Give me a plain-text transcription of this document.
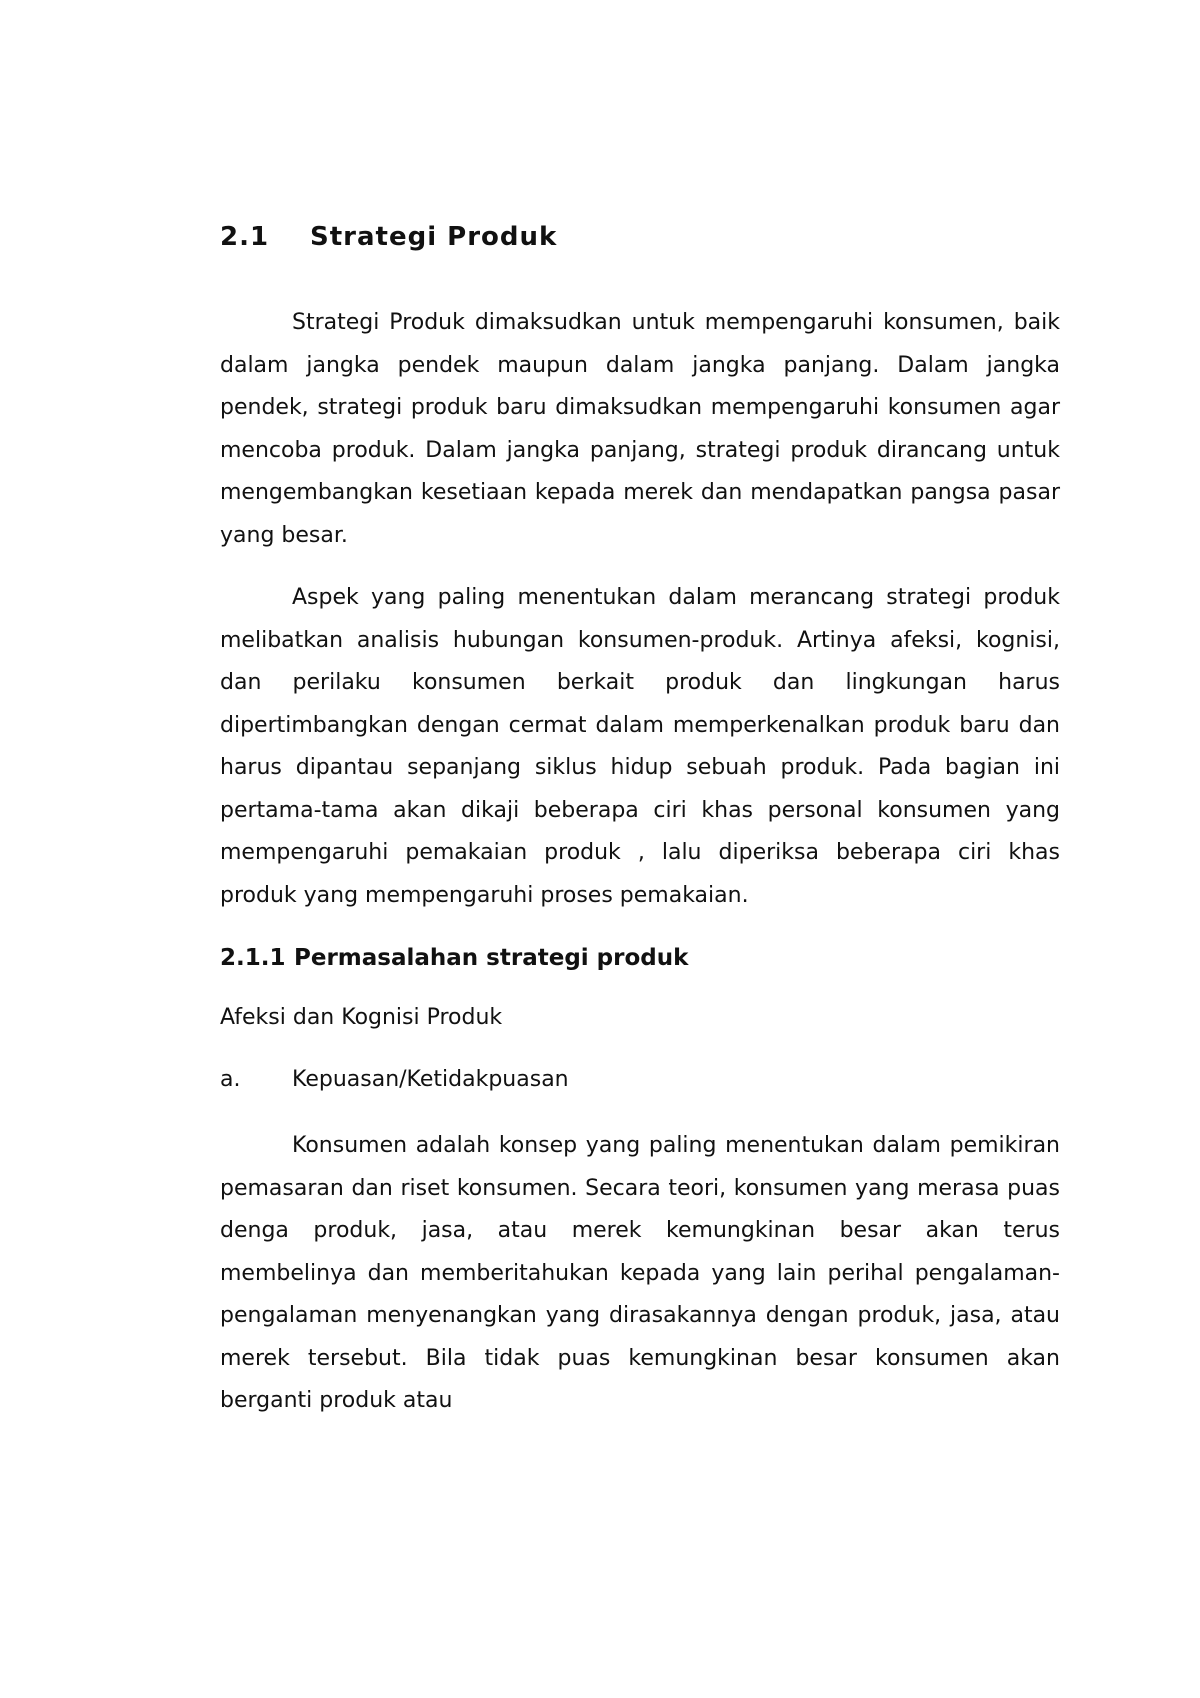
2.1	Strategi Produk

Strategi Produk dimaksudkan untuk mempengaruhi konsumen, baik dalam jangka pendek maupun dalam jangka panjang. Dalam jangka pendek, strategi produk baru dimaksudkan mempengaruhi konsumen agar mencoba produk. Dalam jangka panjang, strategi produk dirancang untuk mengembangkan kesetiaan kepada merek dan mendapatkan pangsa pasar yang besar.

Aspek yang paling menentukan dalam merancang strategi produk melibatkan analisis hubungan konsumen-produk. Artinya afeksi, kognisi, dan perilaku konsumen berkait produk dan lingkungan harus dipertimbangkan dengan cermat dalam memperkenalkan produk baru dan harus dipantau sepanjang siklus hidup sebuah produk. Pada bagian ini pertama-tama akan dikaji beberapa ciri khas personal konsumen yang mempengaruhi pemakaian produk , lalu diperiksa beberapa ciri khas produk yang mempengaruhi proses pemakaian.

2.1.1 Permasalahan strategi produk
Afeksi dan Kognisi Produk
a.	Kepuasan/Ketidakpuasan

Konsumen adalah konsep yang paling menentukan dalam pemikiran pemasaran dan riset konsumen. Secara teori, konsumen yang merasa puas denga produk, jasa, atau merek kemungkinan besar akan terus membelinya dan memberitahukan kepada yang lain perihal pengalaman-pengalaman menyenangkan yang dirasakannya dengan produk, jasa, atau merek tersebut. Bila tidak puas kemungkinan besar konsumen akan berganti produk atau
